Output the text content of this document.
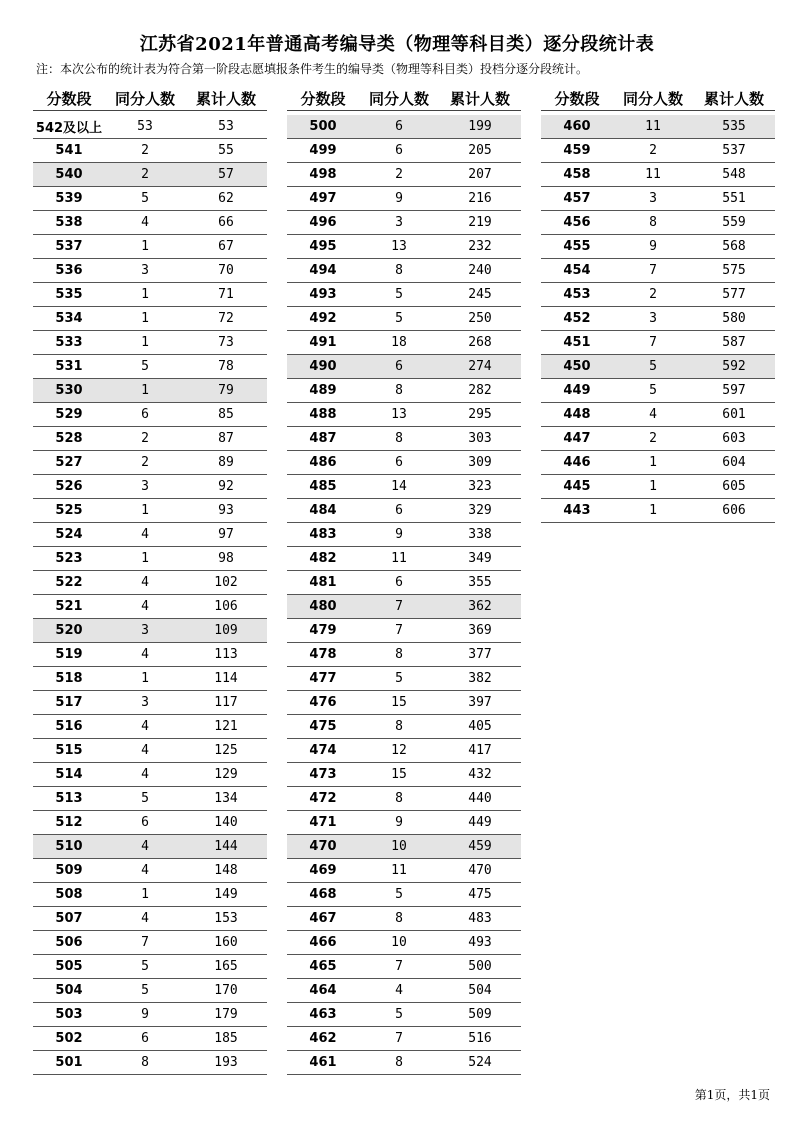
江苏省2021年普通高考编导类（物理等科目类）逐分段统计表
注：本次公布的统计表为符合第一阶段志愿填报条件考生的编导类（物理等科目类）投档分逐分段统计。
分数段	同分人数	累计人数
542及以上	53	53
541	2	55
540	2	57
539	5	62
538	4	66
537	1	67
536	3	70
535	1	71
534	1	72
533	1	73
531	5	78
530	1	79
529	6	85
528	2	87
527	2	89
526	3	92
525	1	93
524	4	97
523	1	98
522	4	102
521	4	106
520	3	109
519	4	113
518	1	114
517	3	117
516	4	121
515	4	125
514	4	129
513	5	134
512	6	140
510	4	144
509	4	148
508	1	149
507	4	153
506	7	160
505	5	165
504	5	170
503	9	179
502	6	185
501	8	193
分数段	同分人数	累计人数
500	6	199
499	6	205
498	2	207
497	9	216
496	3	219
495	13	232
494	8	240
493	5	245
492	5	250
491	18	268
490	6	274
489	8	282
488	13	295
487	8	303
486	6	309
485	14	323
484	6	329
483	9	338
482	11	349
481	6	355
480	7	362
479	7	369
478	8	377
477	5	382
476	15	397
475	8	405
474	12	417
473	15	432
472	8	440
471	9	449
470	10	459
469	11	470
468	5	475
467	8	483
466	10	493
465	7	500
464	4	504
463	5	509
462	7	516
461	8	524
分数段	同分人数	累计人数
460	11	535
459	2	537
458	11	548
457	3	551
456	8	559
455	9	568
454	7	575
453	2	577
452	3	580
451	7	587
450	5	592
449	5	597
448	4	601
447	2	603
446	1	604
445	1	605
443	1	606
第1页，共1页
